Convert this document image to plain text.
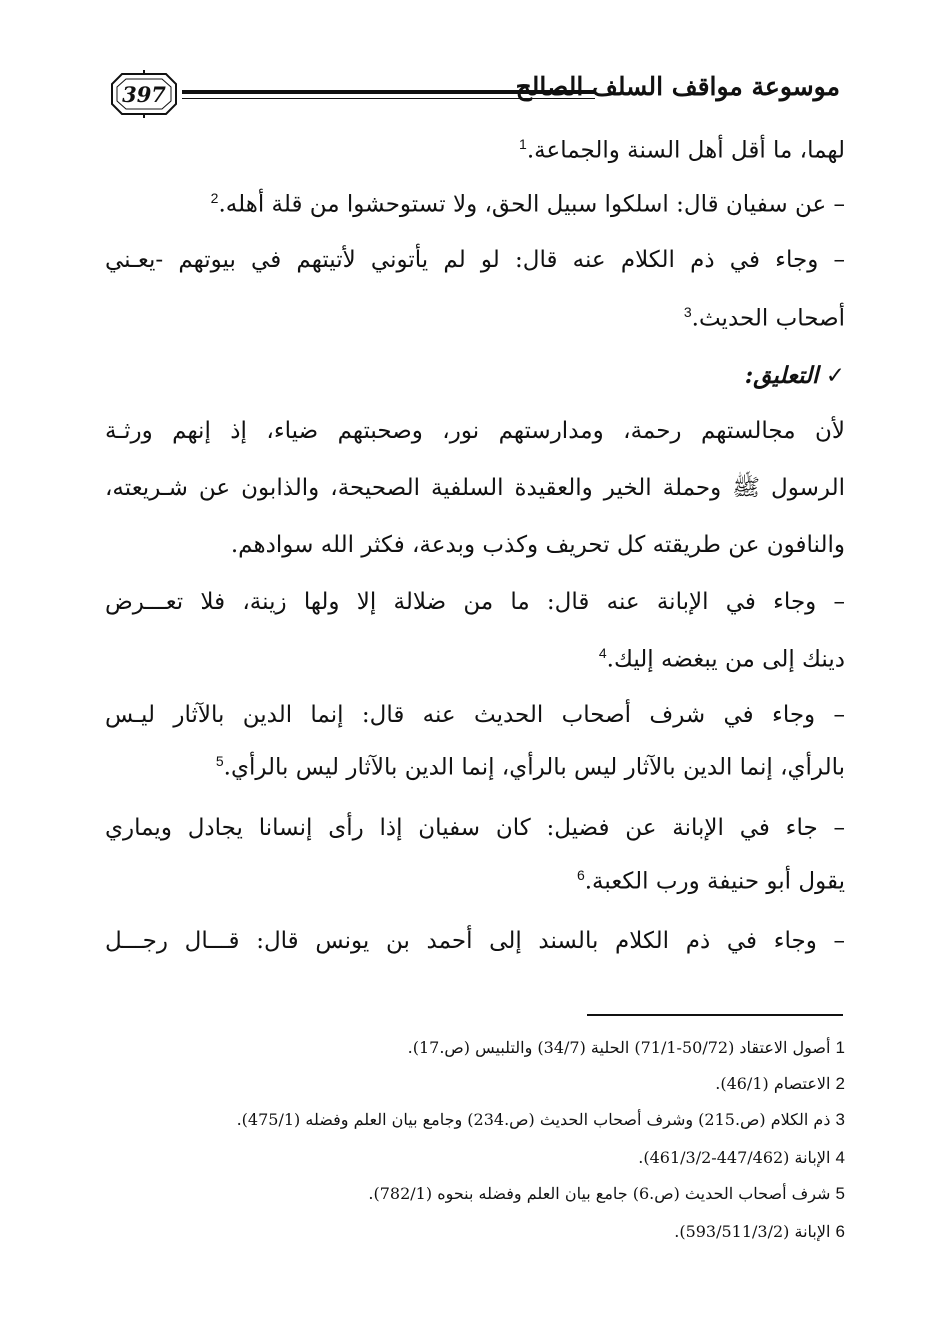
397	موسوعة مواقف السلف الصالح
لهما، ما أقل أهل السنة والجماعة.$^1$
– عن سفيان قال: اسلكوا سبيل الحق، ولا تستوحشوا من قلة أهله.$^2$
– وجاء في ذم الكلام عنه قال: لو لم يأتوني لأتيتهم في بيوتهم -يعـني
أصحاب الحديث.$^3$
✓ التعليق:
لأن مجالستهم رحمة، ومدارستهم نور، وصحبتهم ضياء، إذ إنهم ورثـة
الرسول ﷺ وحملة الخير والعقيدة السلفية الصحيحة، والذابون عن شـريعته،
والنافون عن طريقته كل تحريف وكذب وبدعة، فكثر الله سوادهم.
– وجاء في الإبانة عنه قال: ما من ضلالة إلا ولها زينة، فلا تعـــرض
دينك إلى من يبغضه إليك.$^4$
– وجاء في شرف أصحاب الحديث عنه قال: إنما الدين بالآثار ليـس
بالرأي، إنما الدين بالآثار ليس بالرأي، إنما الدين بالآثار ليس بالرأي.$^5$
– جاء في الإبانة عن فضيل: كان سفيان إذا رأى إنسانا يجادل ويماري
يقول أبو حنيفة ورب الكعبة.$^6$
– وجاء في ذم الكلام بالسند إلى أحمد بن يونس قال: قـــال رجـــل
1 أصول الاعتقاد (50/72-71/1) الحلية (34/7) والتلبيس (ص.17).
2 الاعتصام (46/1).
3 ذم الكلام (ص.215) وشرف أصحاب الحديث (ص.234) وجامع بيان العلم وفضله (475/1).
4 الإبانة (447/462-461/3/2).
5 شرف أصحاب الحديث (ص.6) جامع بيان العلم وفضله بنحوه (782/1).
6 الإبانة (593/511/3/2).
